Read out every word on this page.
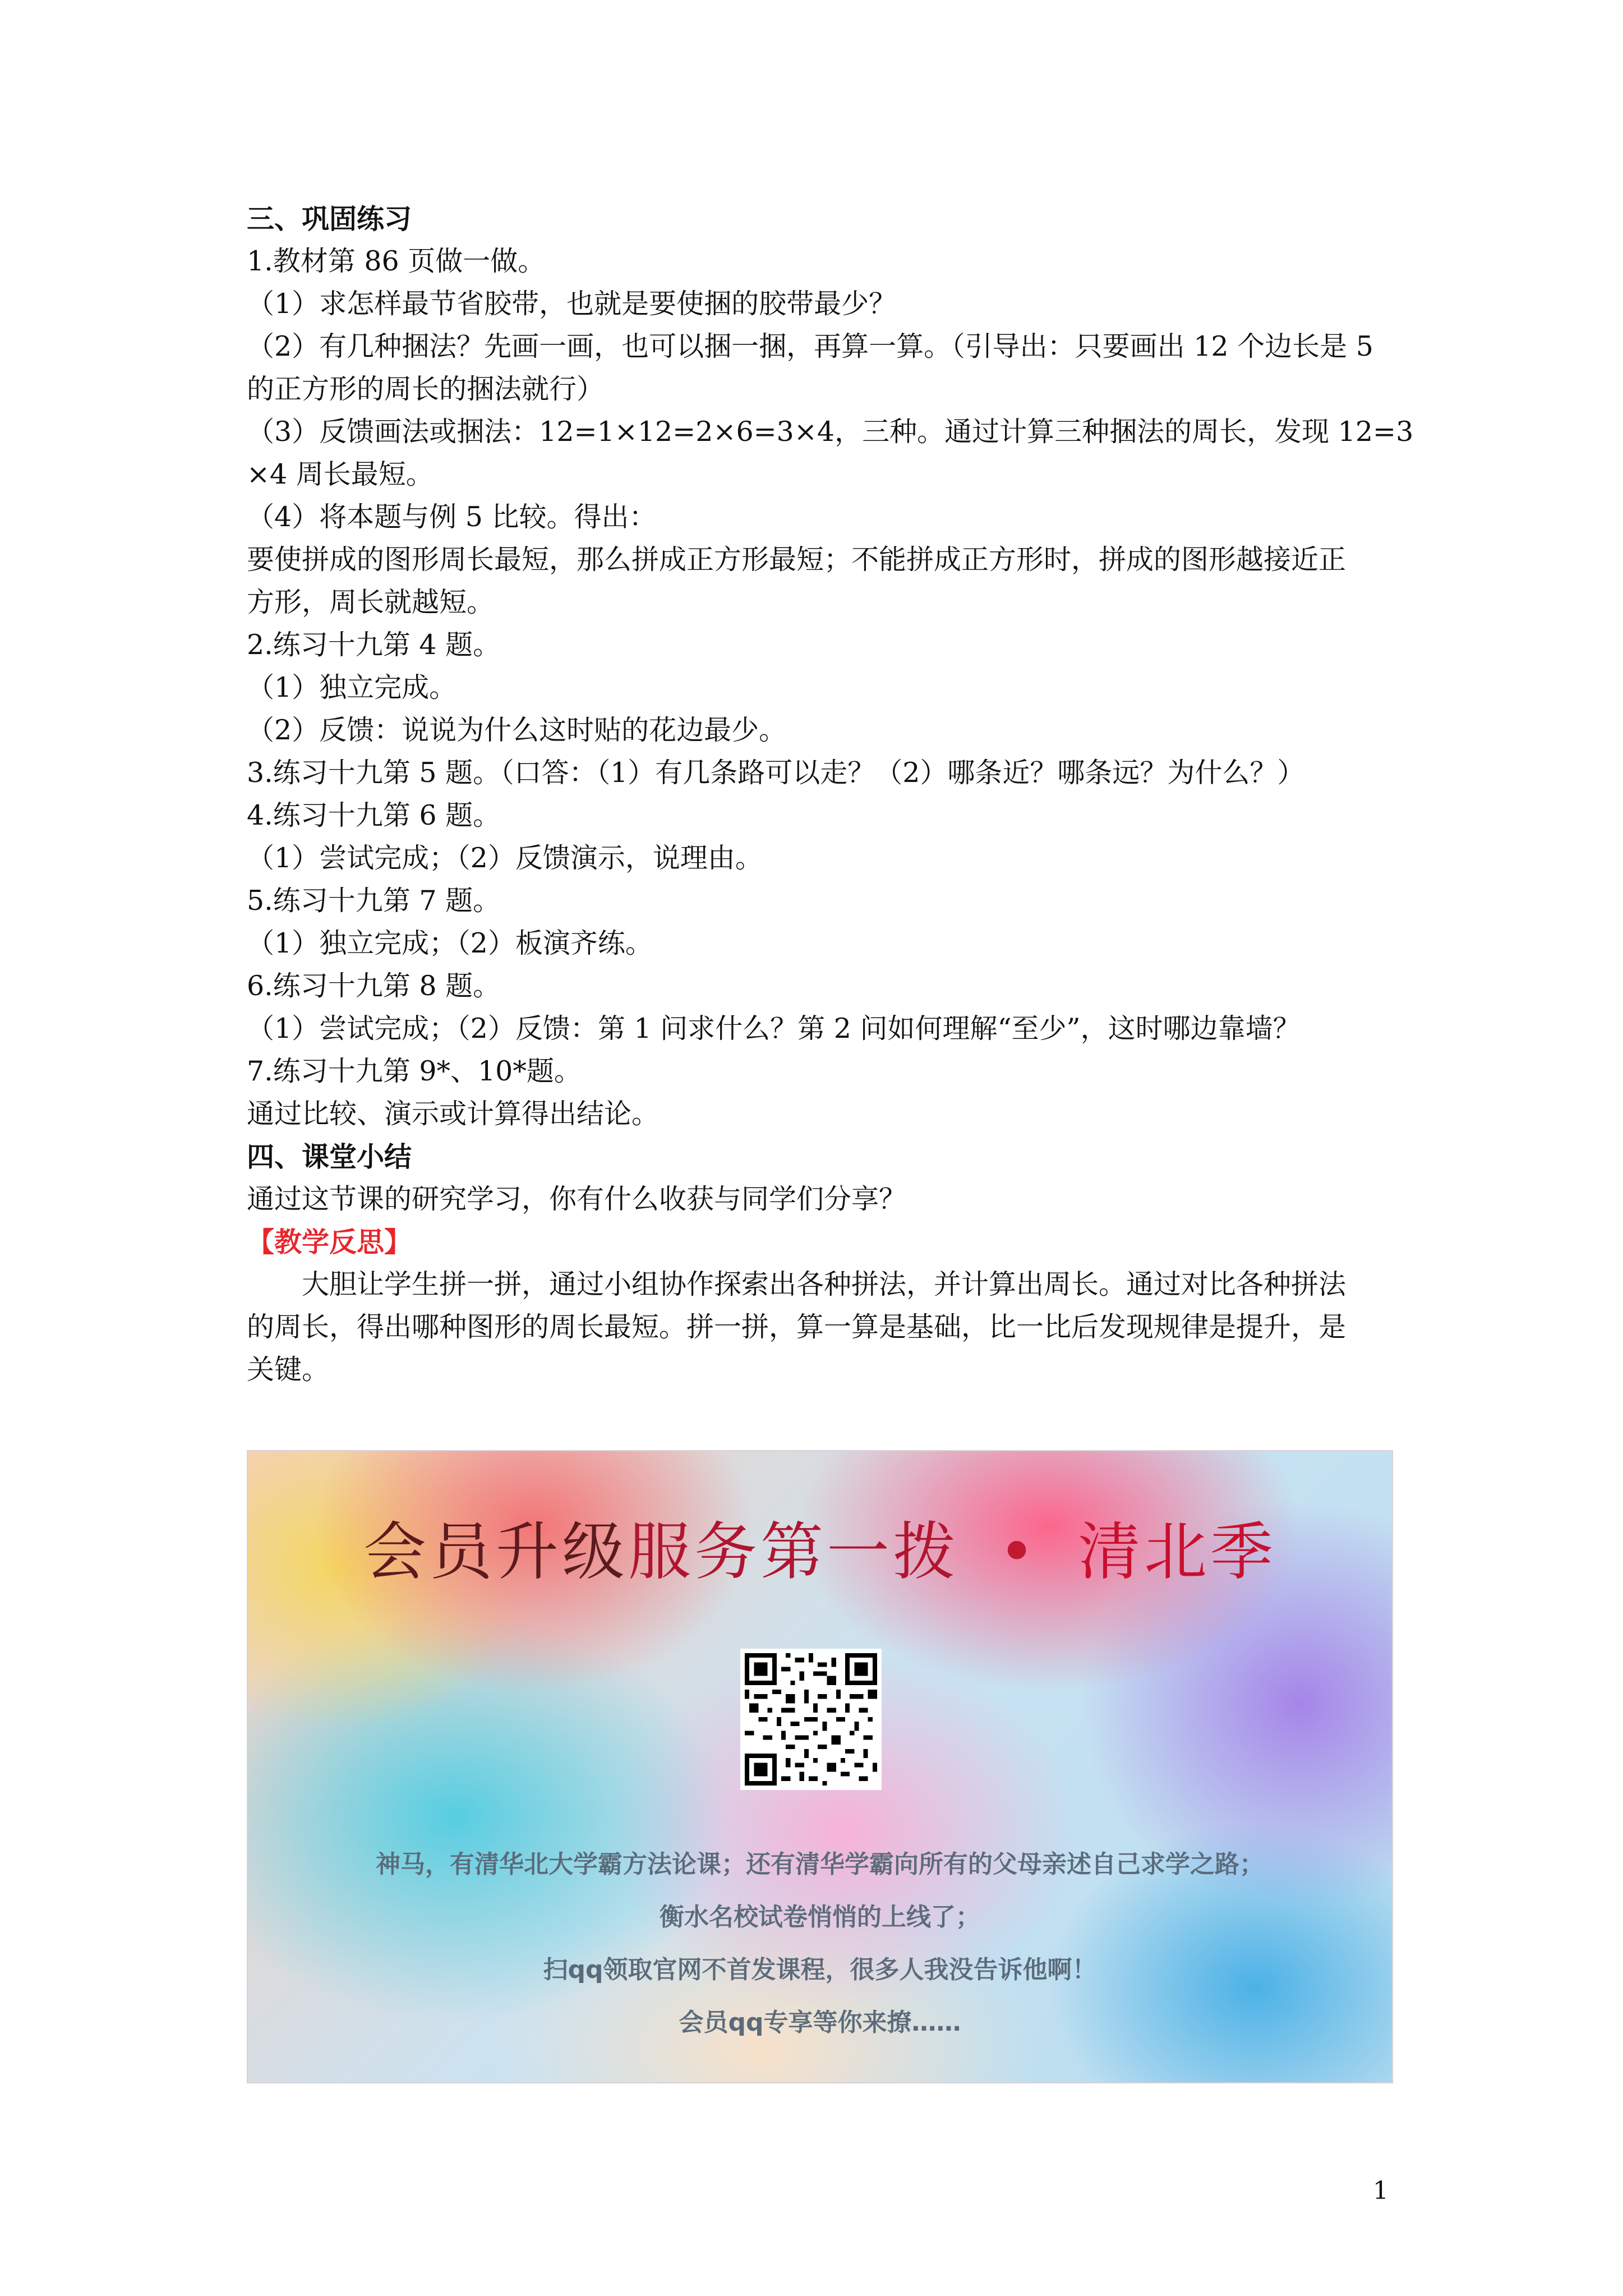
三、巩固练习
1.教材第 86 页做一做。
（1）求怎样最节省胶带，也就是要使捆的胶带最少？
（2）有几种捆法？先画一画，也可以捆一捆，再算一算。（引导出：只要画出 12 个边长是 5
的正方形的周长的捆法就行）
（3）反馈画法或捆法：12=1×12=2×6=3×4，三种。通过计算三种捆法的周长，发现 12=3
×4 周长最短。
（4）将本题与例 5 比较。得出：
要使拼成的图形周长最短，那么拼成正方形最短；不能拼成正方形时，拼成的图形越接近正
方形，周长就越短。
2.练习十九第 4 题。
（1）独立完成。
（2）反馈：说说为什么这时贴的花边最少。
3.练习十九第 5 题。（口答：（1）有几条路可以走？（2）哪条近？哪条远？为什么？）
4.练习十九第 6 题。
（1）尝试完成；（2）反馈演示，说理由。
5.练习十九第 7 题。
（1）独立完成；（2）板演齐练。
6.练习十九第 8 题。
（1）尝试完成；（2）反馈：第 1 问求什么？第 2 问如何理解“至少”，这时哪边靠墙？
7.练习十九第 9*、10*题。
通过比较、演示或计算得出结论。
四、课堂小结
通过这节课的研究学习，你有什么收获与同学们分享？
【教学反思】
大胆让学生拼一拼，通过小组协作探索出各种拼法，并计算出周长。通过对比各种拼法
的周长，得出哪种图形的周长最短。拼一拼，算一算是基础，比一比后发现规律是提升，是
关键。
会员升级服务第一拨 • 清北季
神马，有清华北大学霸方法论课；还有清华学霸向所有的父母亲述自己求学之路；
衡水名校试卷悄悄的上线了；
扫qq领取官网不首发课程，很多人我没告诉他啊！
会员qq专享等你来撩……
1
